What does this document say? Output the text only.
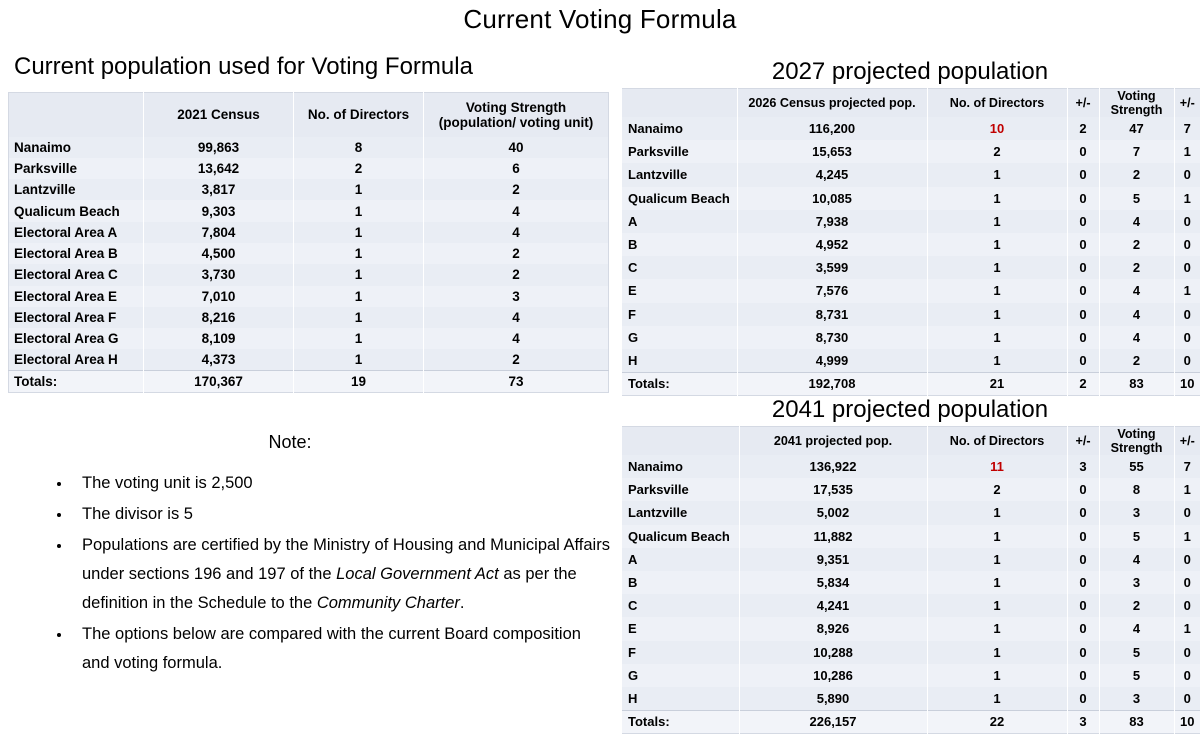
Current Voting Formula
Current population used for Voting Formula
	2021 Census	No. of Directors	Voting Strength
(population/ voting unit)

Nanaimo	99,863	8	40
Parksville	13,642	2	6
Lantzville	3,817	1	2
Qualicum Beach	9,303	1	4
Electoral Area A	7,804	1	4
Electoral Area B	4,500	1	2
Electoral Area C	3,730	1	2
Electoral Area E	7,010	1	3
Electoral Area F	8,216	1	4
Electoral Area G	8,109	1	4
Electoral Area H	4,373	1	2
Totals:	170,367	19	73
Note:
• The voting unit is 2,500
• The divisor is 5
• Populations are certified by the Ministry of Housing and Municipal Affairs under sections 196 and 197 of the Local Government Act as per the definition in the Schedule to the Community Charter.
• The options below are compared with the current Board composition and voting formula.
2027 projected population
	2026 Census projected pop.	No. of Directors	+/-	Voting Strength	+/-
Nanaimo	116,200	10	2	47	7
Parksville	15,653	2	0	7	1
Lantzville	4,245	1	0	2	0
Qualicum Beach	10,085	1	0	5	1
A	7,938	1	0	4	0
B	4,952	1	0	2	0
C	3,599	1	0	2	0
E	7,576	1	0	4	1
F	8,731	1	0	4	0
G	8,730	1	0	4	0
H	4,999	1	0	2	0
Totals:	192,708	21	2	83	10
2041 projected population
	2041 projected pop.	No. of Directors	+/-	Voting Strength	+/-
Nanaimo	136,922	11	3	55	7
Parksville	17,535	2	0	8	1
Lantzville	5,002	1	0	3	0
Qualicum Beach	11,882	1	0	5	1
A	9,351	1	0	4	0
B	5,834	1	0	3	0
C	4,241	1	0	2	0
E	8,926	1	0	4	1
F	10,288	1	0	5	0
G	10,286	1	0	5	0
H	5,890	1	0	3	0
Totals:	226,157	22	3	83	10
